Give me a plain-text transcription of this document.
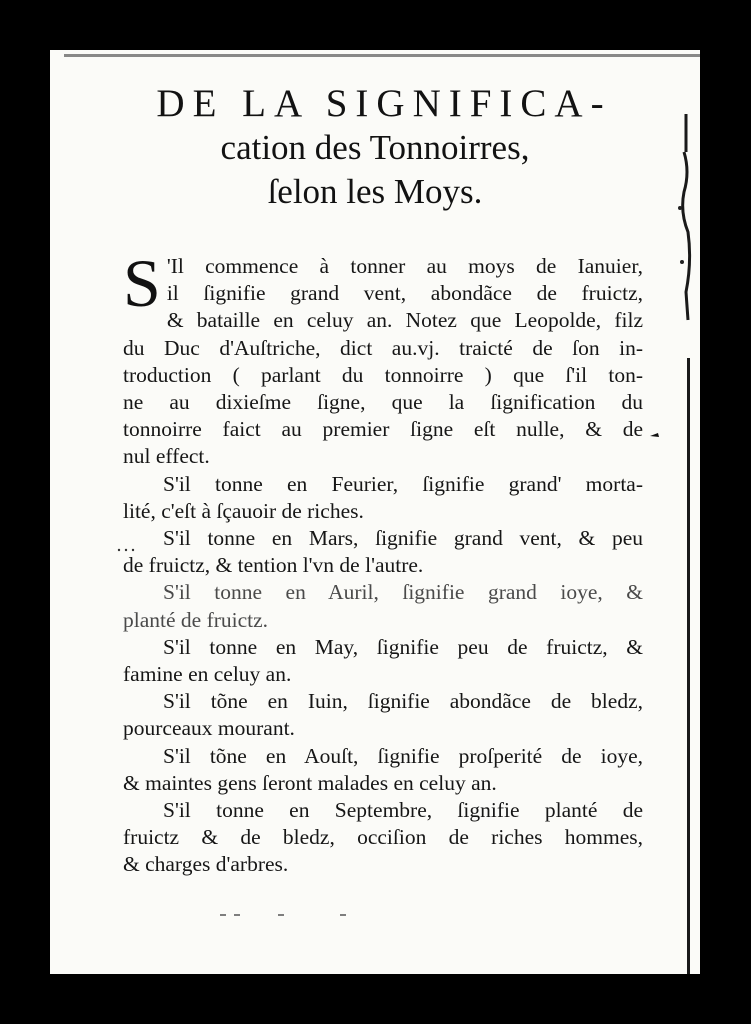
DE LA SIGNIFICA-

cation des Tonnoirres,

ſelon les Moys.

S 'Il commence à tonner au moys de Ianuier,
il ſignifie grand vent, abondãce de fruictz,
& bataille en celuy an. Notez que Leopolde, filz
du Duc d'Auſtriche, dict au.vj. traicté de ſon in-
troduction ( parlant du tonnoirre ) que ſ'il ton-
ne au dixieſme ſigne, que la ſignification du
tonnoirre faict au premier ſigne eſt nulle, & de
nul effect.

S'il tonne en Feurier, ſignifie grand' morta-
lité, c'eſt à ſçauoir de riches.

S'il tonne en Mars, ſignifie grand vent, & peu
de fruictz, & tention l'vn de l'autre.

S'il tonne en Auril, ſignifie grand ioye, &
planté de fruictz.

S'il tonne en May, ſignifie peu de fruictz, &
famine en celuy an.

S'il tõne en Iuin, ſignifie abondãce de bledz,
pourceaux mourant.

S'il tõne en Aouſt, ſignifie proſperité de ioye,
& maintes gens ſeront malades en celuy an.

S'il tonne en Septembre, ſignifie planté de
fruictz & de bledz, occiſion de riches hommes,
& charges d'arbres.
